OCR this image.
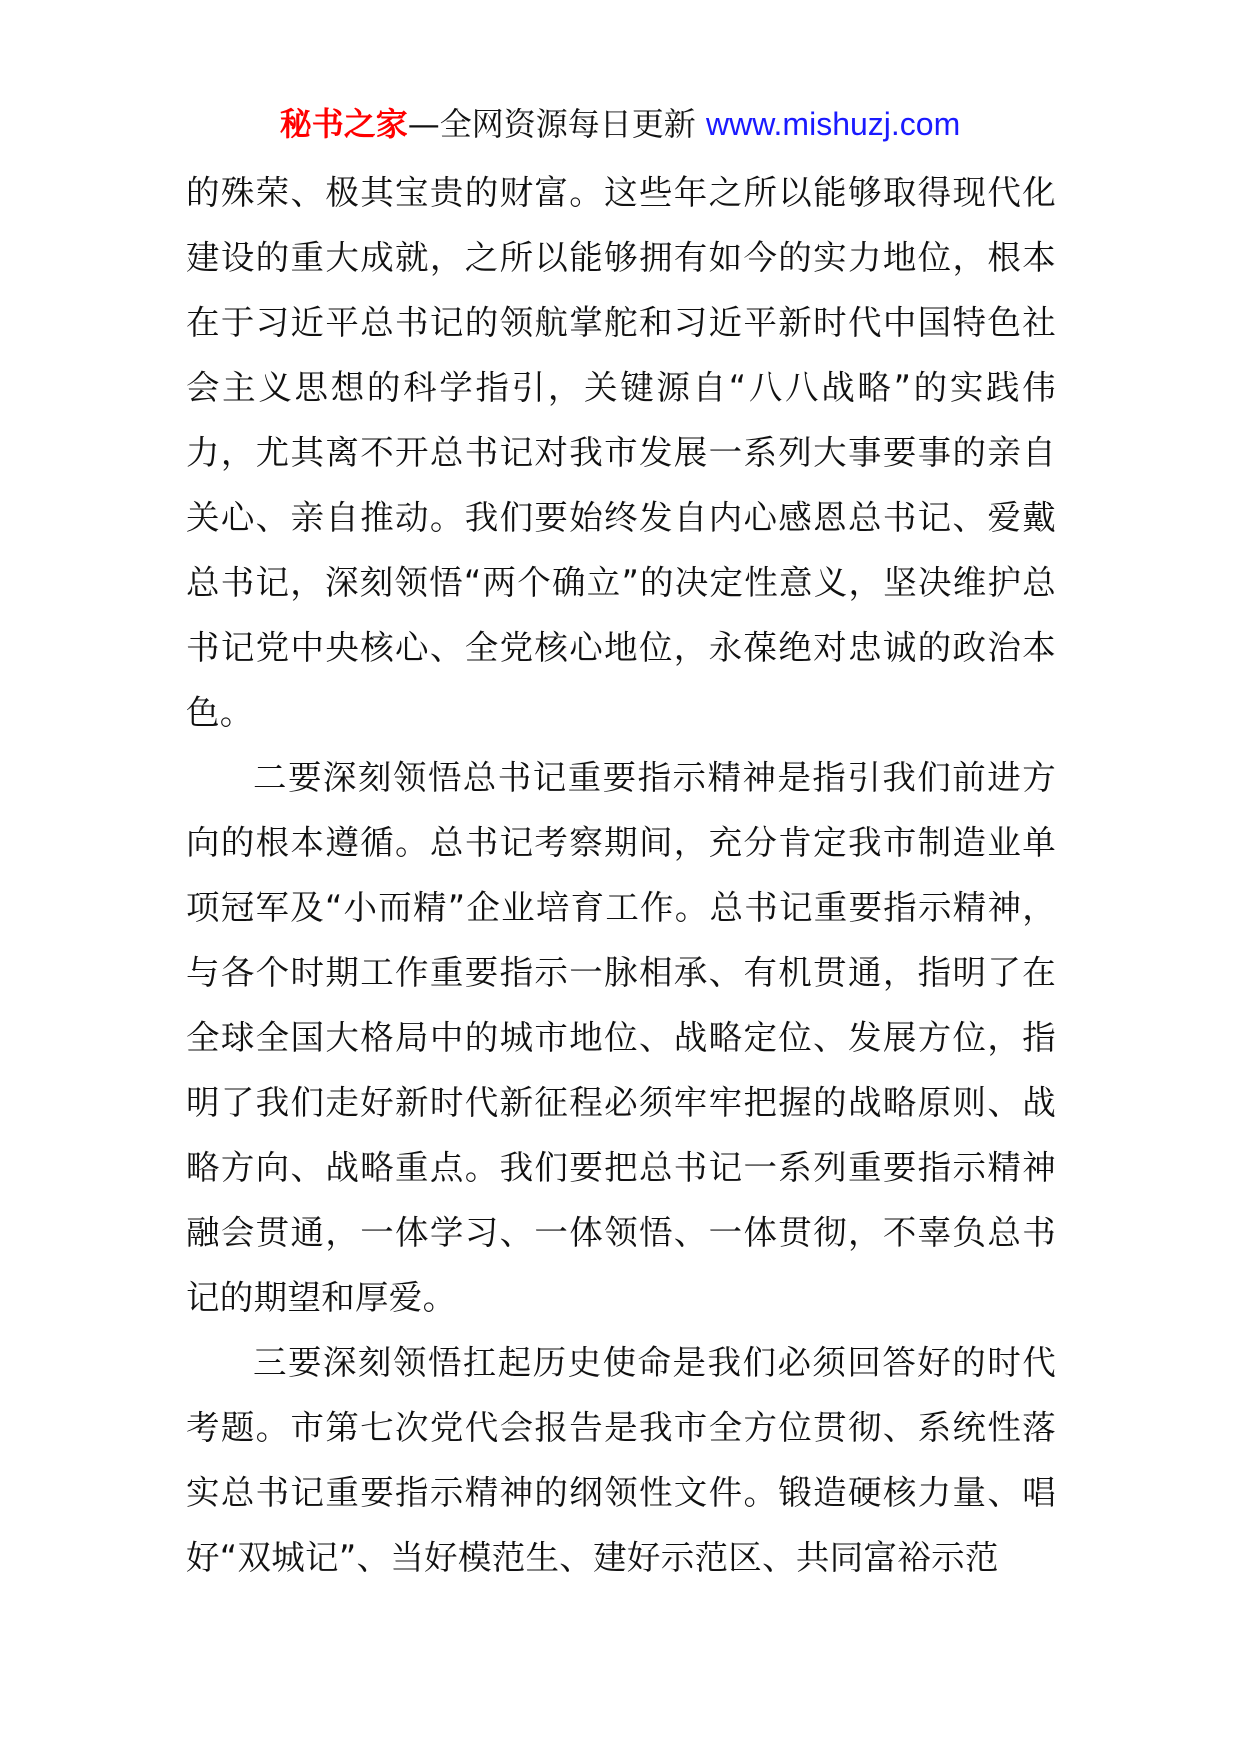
秘书之家—全网资源每日更新 www.mishuzj.com

的殊荣、极其宝贵的财富。这些年之所以能够取得现代化建设的重大成就，之所以能够拥有如今的实力地位，根本在于习近平总书记的领航掌舵和习近平新时代中国特色社会主义思想的科学指引，关键源自“八八战略”的实践伟力，尤其离不开总书记对我市发展一系列大事要事的亲自关心、亲自推动。我们要始终发自内心感恩总书记、爱戴总书记，深刻领悟“两个确立”的决定性意义，坚决维护总书记党中央核心、全党核心地位，永葆绝对忠诚的政治本色。

二要深刻领悟总书记重要指示精神是指引我们前进方向的根本遵循。总书记考察期间，充分肯定我市制造业单项冠军及“小而精”企业培育工作。总书记重要指示精神，与各个时期工作重要指示一脉相承、有机贯通，指明了在全球全国大格局中的城市地位、战略定位、发展方位，指明了我们走好新时代新征程必须牢牢把握的战略原则、战略方向、战略重点。我们要把总书记一系列重要指示精神融会贯通，一体学习、一体领悟、一体贯彻，不辜负总书记的期望和厚爱。

三要深刻领悟扛起历史使命是我们必须回答好的时代考题。市第七次党代会报告是我市全方位贯彻、系统性落实总书记重要指示精神的纲领性文件。锻造硬核力量、唱好“双城记”、当好模范生、建好示范区、共同富裕示范
